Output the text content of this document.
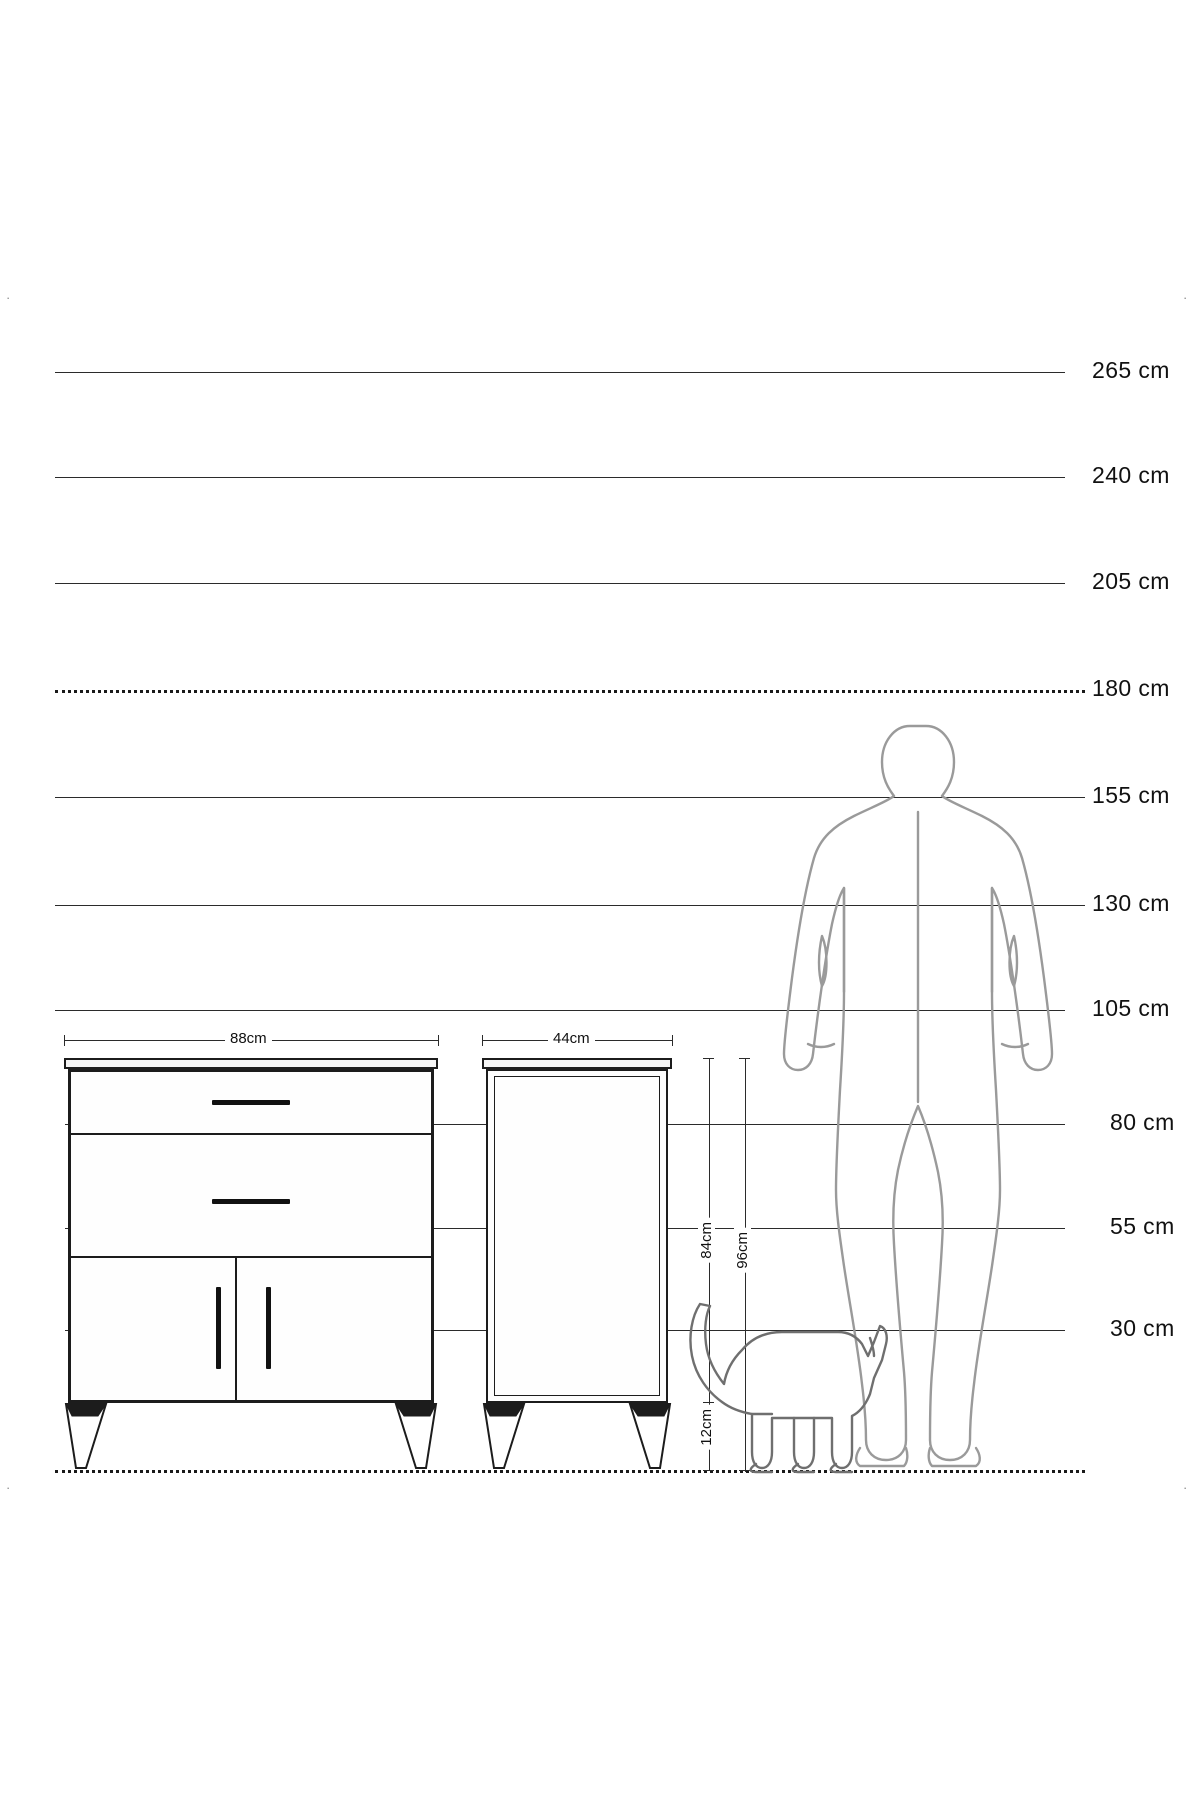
·	·
·	·
265 cm
240 cm
205 cm
180 cm
155 cm
130 cm
105 cm
80 cm
55 cm
30 cm
88cm	44cm
84cm 96cm
12cm
